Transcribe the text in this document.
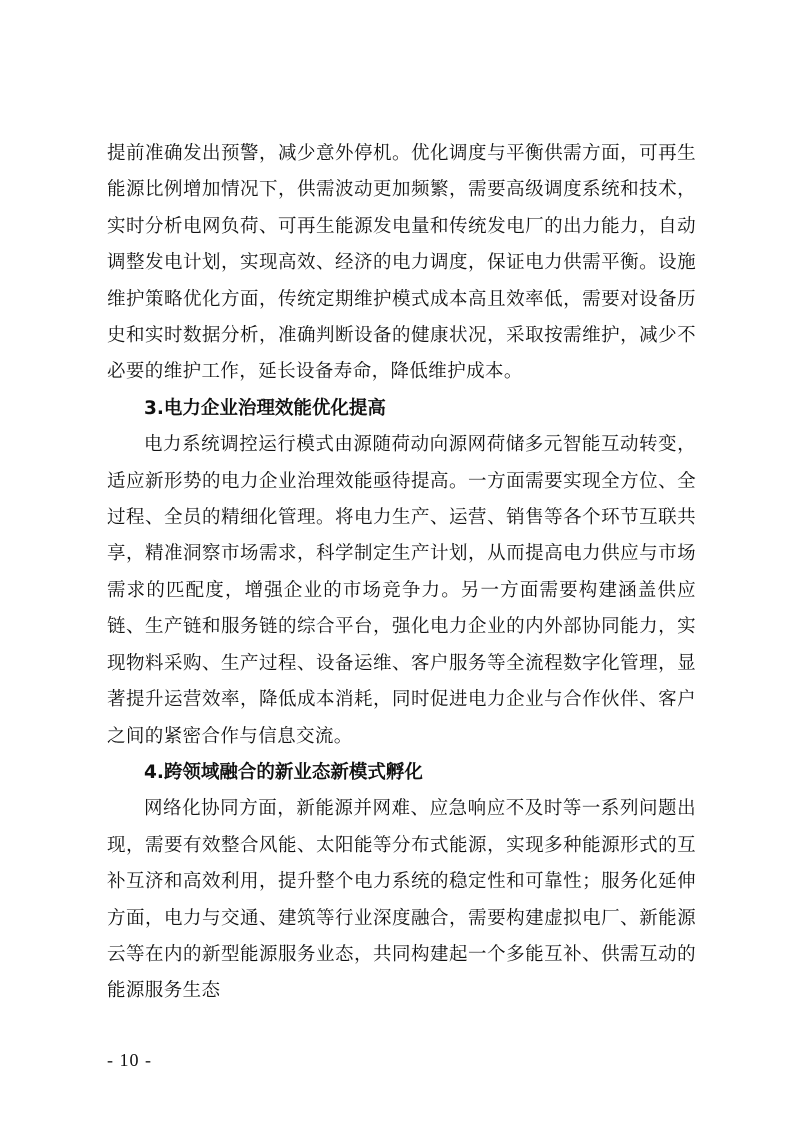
提前准确发出预警，减少意外停机。优化调度与平衡供需方面，可再生能源比例增加情况下，供需波动更加频繁，需要高级调度系统和技术，实时分析电网负荷、可再生能源发电量和传统发电厂的出力能力，自动调整发电计划，实现高效、经济的电力调度，保证电力供需平衡。设施维护策略优化方面，传统定期维护模式成本高且效率低，需要对设备历史和实时数据分析，准确判断设备的健康状况，采取按需维护，减少不必要的维护工作，延长设备寿命，降低维护成本。

3.电力企业治理效能优化提高

电力系统调控运行模式由源随荷动向源网荷储多元智能互动转变，适应新形势的电力企业治理效能亟待提高。一方面需要实现全方位、全过程、全员的精细化管理。将电力生产、运营、销售等各个环节互联共享，精准洞察市场需求，科学制定生产计划，从而提高电力供应与市场需求的匹配度，增强企业的市场竞争力。另一方面需要构建涵盖供应链、生产链和服务链的综合平台，强化电力企业的内外部协同能力，实现物料采购、生产过程、设备运维、客户服务等全流程数字化管理，显著提升运营效率，降低成本消耗，同时促进电力企业与合作伙伴、客户之间的紧密合作与信息交流。

4.跨领域融合的新业态新模式孵化

网络化协同方面，新能源并网难、应急响应不及时等一系列问题出现，需要有效整合风能、太阳能等分布式能源，实现多种能源形式的互补互济和高效利用，提升整个电力系统的稳定性和可靠性；服务化延伸方面，电力与交通、建筑等行业深度融合，需要构建虚拟电厂、新能源云等在内的新型能源服务业态，共同构建起一个多能互补、供需互动的能源服务生态

- 10 -
